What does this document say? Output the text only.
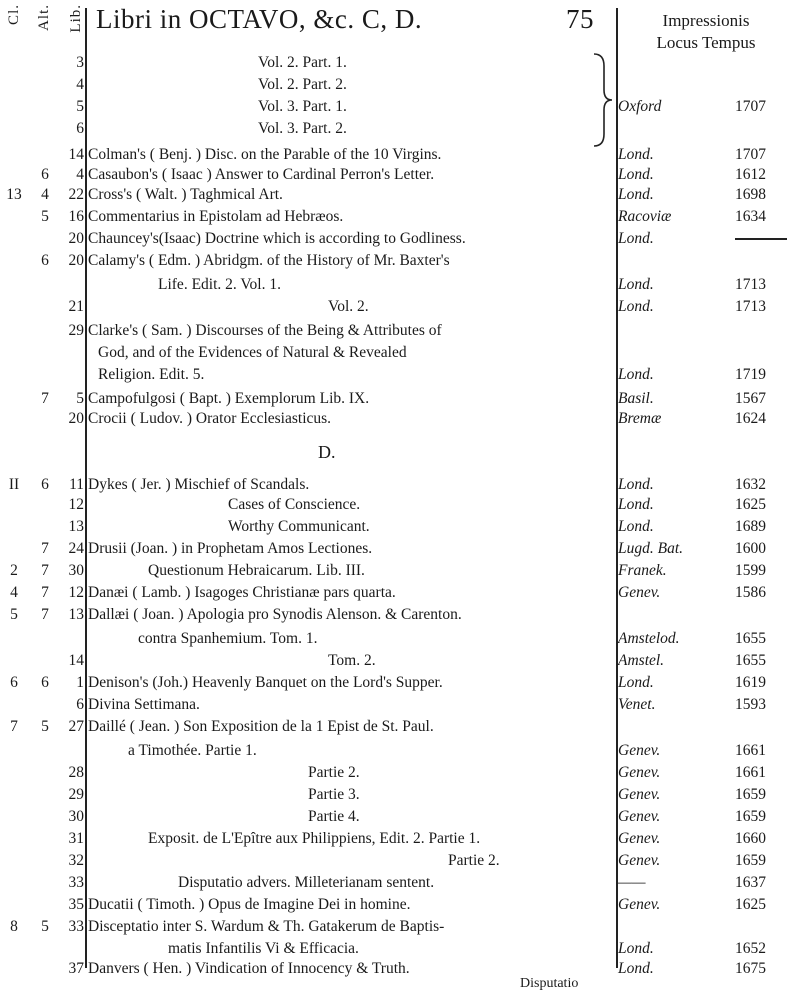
Cl. Alt. Lib. Libri in OCTAVO, &c. C, D.	75	Impressionis
Locus Tempus
D.
3	Vol. 2. Part. 1.
4	Vol. 2. Part. 2.
5	Vol. 3. Part. 1.	Oxford	1707
6	Vol. 3. Part. 2.
14 Colman's ( Benj. ) Disc. on the Parable of the 10 Virgins.	Lond.	1707
6	4 Casaubon's ( Isaac ) Answer to Cardinal Perron's Letter.	Lond.	1612
13	4	22 Cross's ( Walt. ) Taghmical Art.	Lond.	1698
5	16 Commentarius in Epistolam ad Hebræos.	Racoviæ	1634
20 Chauncey's(Isaac) Doctrine which is according to Godliness.	Lond.
6	20 Calamy's ( Edm. ) Abridgm. of the History of Mr. Baxter's
Life. Edit. 2. Vol. 1.	Lond.	1713
21	Vol. 2.	Lond.	1713
29 Clarke's ( Sam. ) Discourses of the Being & Attributes of
God, and of the Evidences of Natural & Revealed
Religion. Edit. 5.	Lond.	1719
7	5 Campofulgosi ( Bapt. ) Exemplorum Lib. IX.	Basil.	1567
20 Crocii ( Ludov. ) Orator Ecclesiasticus.	Bremæ	1624
II	6	11 Dykes ( Jer. ) Mischief of Scandals.	Lond.	1632
12	Cases of Conscience.	Lond.	1625
13	Worthy Communicant.	Lond.	1689
7	24 Drusii (Joan. ) in Prophetam Amos Lectiones.	Lugd. Bat.	1600
2	7	30	Questionum Hebraicarum. Lib. III.	Franek.	1599
4	7	12 Danæi ( Lamb. ) Isagoges Christianæ pars quarta.	Genev.	1586
5	7	13 Dallæi ( Joan. ) Apologia pro Synodis Alenson. & Carenton.
contra Spanhemium. Tom. 1.	Amstelod.	1655
14	Tom. 2.	Amstel.	1655
6	6	1 Denison's (Joh.) Heavenly Banquet on the Lord's Supper.	Lond.	1619
6 Divina Settimana.	Venet.	1593
7	5	27 Daillé ( Jean. ) Son Exposition de la 1 Epist de St. Paul.
a Timothée. Partie 1.	Genev.	1661
28	Partie 2.	Genev.	1661
29	Partie 3.	Genev.	1659
30	Partie 4.	Genev.	1659
31	Exposit. de L'Epître aux Philippiens, Edit. 2. Partie 1.	Genev.	1660
32	Partie 2.	Genev.	1659
33	Disputatio advers. Milleterianam sentent.	——	1637
35 Ducatii ( Timoth. ) Opus de Imagine Dei in homine.	Genev.	1625
8	5	33 Disceptatio inter S. Wardum & Th. Gatakerum de Baptis-
matis Infantilis Vi & Efficacia.	Lond.	1652
37 Danvers ( Hen. ) Vindication of Innocency & Truth.	Lond.	1675
Disputatio
